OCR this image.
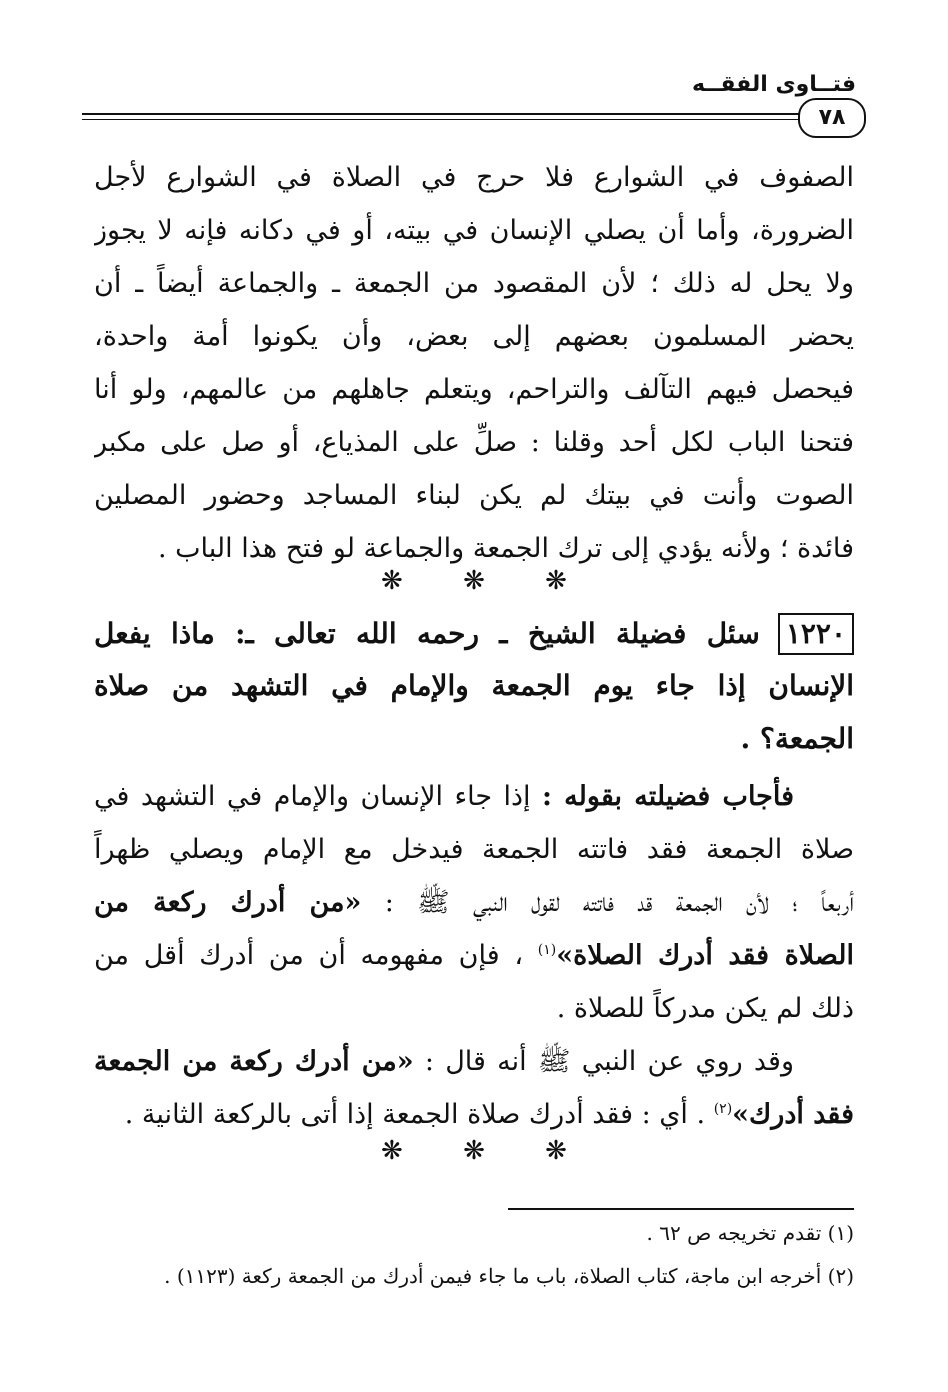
فتــاوى الفقــه
٧٨
الصفوف في الشوارع فلا حرج في الصلاة في الشوارع لأجل
الضرورة، وأما أن يصلي الإنسان في بيته، أو في دكانه فإنه لا يجوز
ولا يحل له ذلك ؛ لأن المقصود من الجمعة ـ والجماعة أيضاً ـ أن
يحضر المسلمون بعضهم إلى بعض، وأن يكونوا أمة واحدة،
فيحصل فيهم التآلف والتراحم، ويتعلم جاهلهم من عالمهم، ولو أنا
فتحنا الباب لكل أحد وقلنا : صلِّ على المذياع، أو صل على مكبر
الصوت وأنت في بيتك لم يكن لبناء المساجد وحضور المصلين
فائدة ؛ ولأنه يؤدي إلى ترك الجمعة والجماعة لو فتح هذا الباب .
❋ ❋ ❋
١٢٢٠سئل فضيلة الشيخ ـ رحمه الله تعالى ـ: ماذا يفعل
الإنسان إذا جاء يوم الجمعة والإمام في التشهد من صلاة
الجمعة؟ .
فأجاب فضيلته بقوله : إذا جاء الإنسان والإمام في التشهد في
صلاة الجمعة فقد فاتته الجمعة فيدخل مع الإمام ويصلي ظهراً
أربعاً ؛ لأن الجمعة قد فاتته لقول النبي ﷺ : «من أدرك ركعة من
الصلاة فقد أدرك الصلاة»$^{(١)}$ ، فإن مفهومه أن من أدرك أقل من
ذلك لم يكن مدركاً للصلاة .
وقد روي عن النبي ﷺ أنه قال : «من أدرك ركعة من الجمعة
فقد أدرك»$^{(٢)}$ . أي : فقد أدرك صلاة الجمعة إذا أتى بالركعة الثانية .
❋ ❋ ❋
(١) تقدم تخريجه ص ٦٢ .
(٢) أخرجه ابن ماجة، كتاب الصلاة، باب ما جاء فيمن أدرك من الجمعة ركعة (١١٢٣) .
